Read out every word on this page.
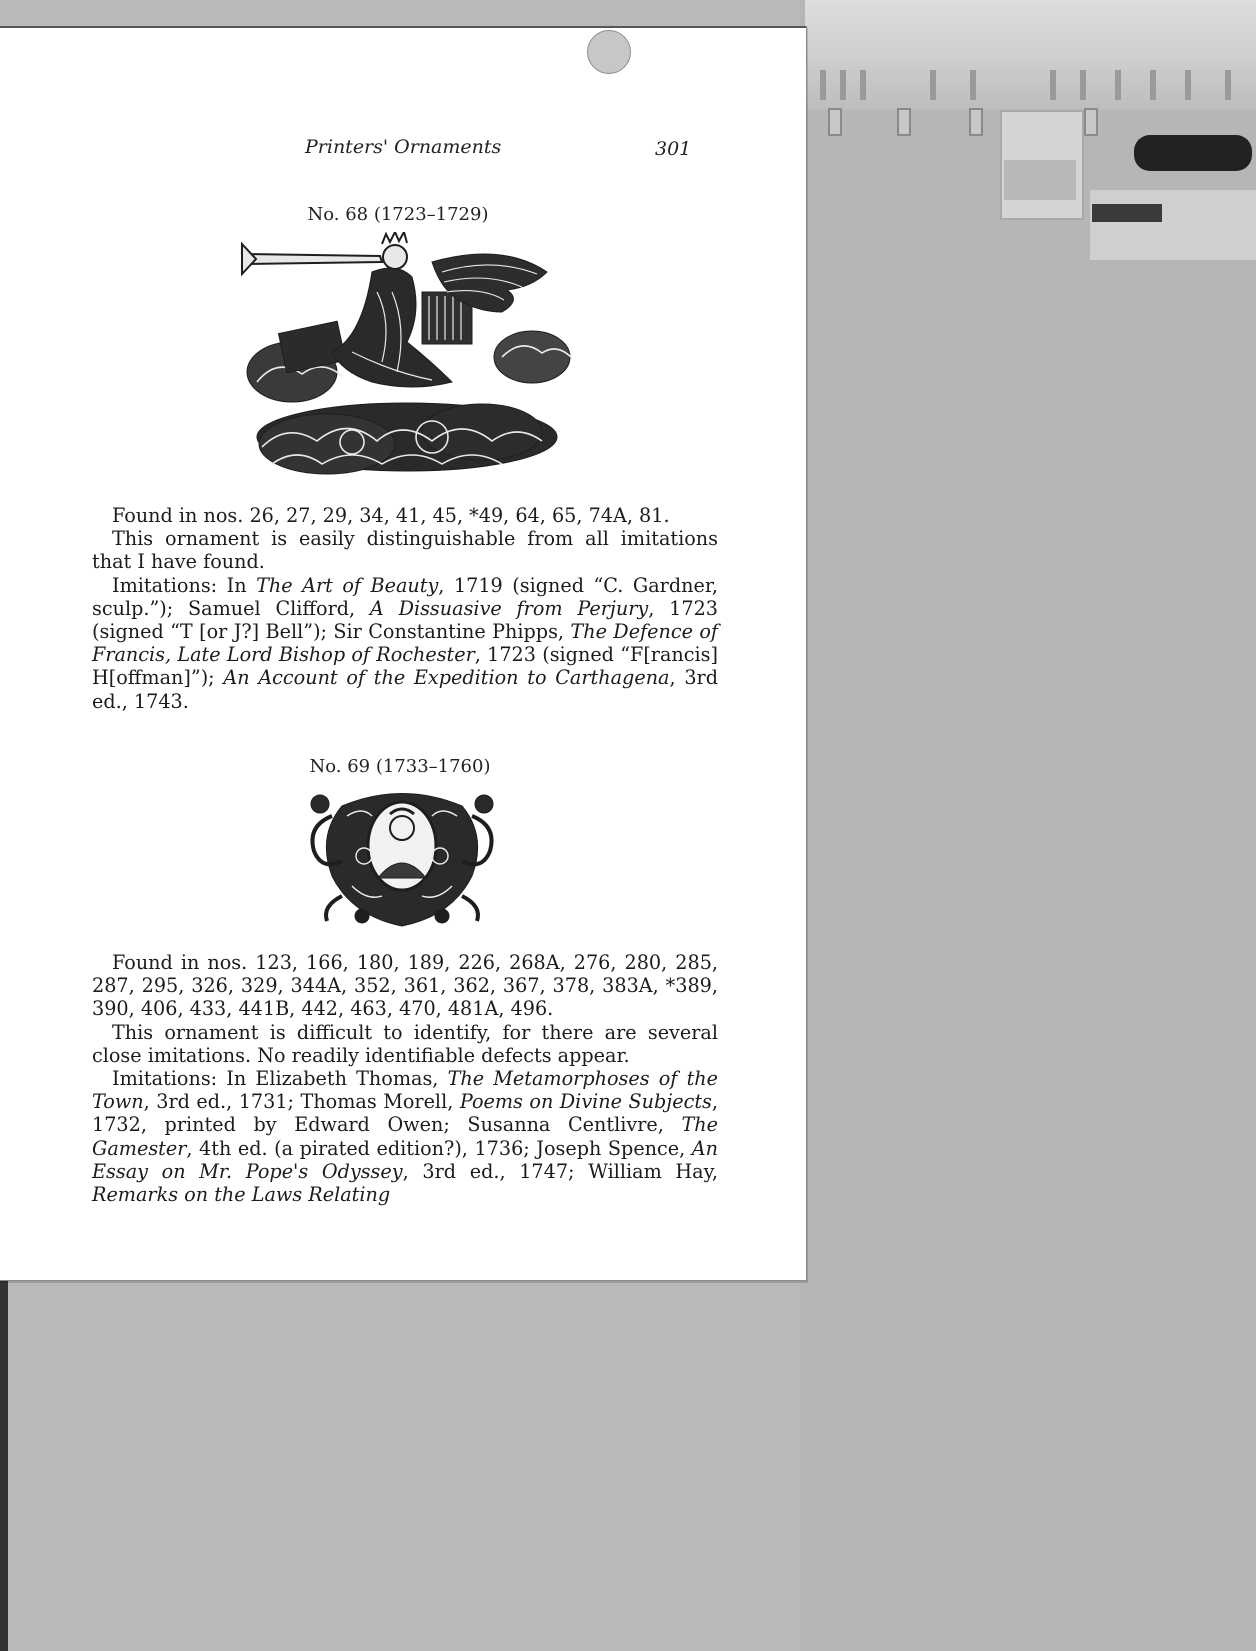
Printers' Ornaments	301
No. 68 (1723–1729)

Found in nos. 26, 27, 29, 34, 41, 45, *49, 64, 65, 74A, 81.

This ornament is easily distinguishable from all imitations that I have found.

Imitations: In The Art of Beauty, 1719 (signed “C. Gardner, sculp.”); Samuel Clifford, A Dissuasive from Perjury, 1723 (signed “T [or J?] Bell”); Sir Constantine Phipps, The Defence of Francis, Late Lord Bishop of Rochester, 1723 (signed “F[rancis] H[offman]”); An Account of the Expedition to Carthagena, 3rd ed., 1743.

No. 69 (1733–1760)

Found in nos. 123, 166, 180, 189, 226, 268A, 276, 280, 285, 287, 295, 326, 329, 344A, 352, 361, 362, 367, 378, 383A, *389, 390, 406, 433, 441B, 442, 463, 470, 481A, 496.

This ornament is difficult to identify, for there are several close imitations. No readily identifiable defects appear.

Imitations: In Elizabeth Thomas, The Metamorphoses of the Town, 3rd ed., 1731; Thomas Morell, Poems on Divine Subjects, 1732, printed by Edward Owen; Susanna Centlivre, The Gamester, 4th ed. (a pirated edition?), 1736; Joseph Spence, An Essay on Mr. Pope's Odyssey, 3rd ed., 1747; William Hay, Remarks on the Laws Relating
